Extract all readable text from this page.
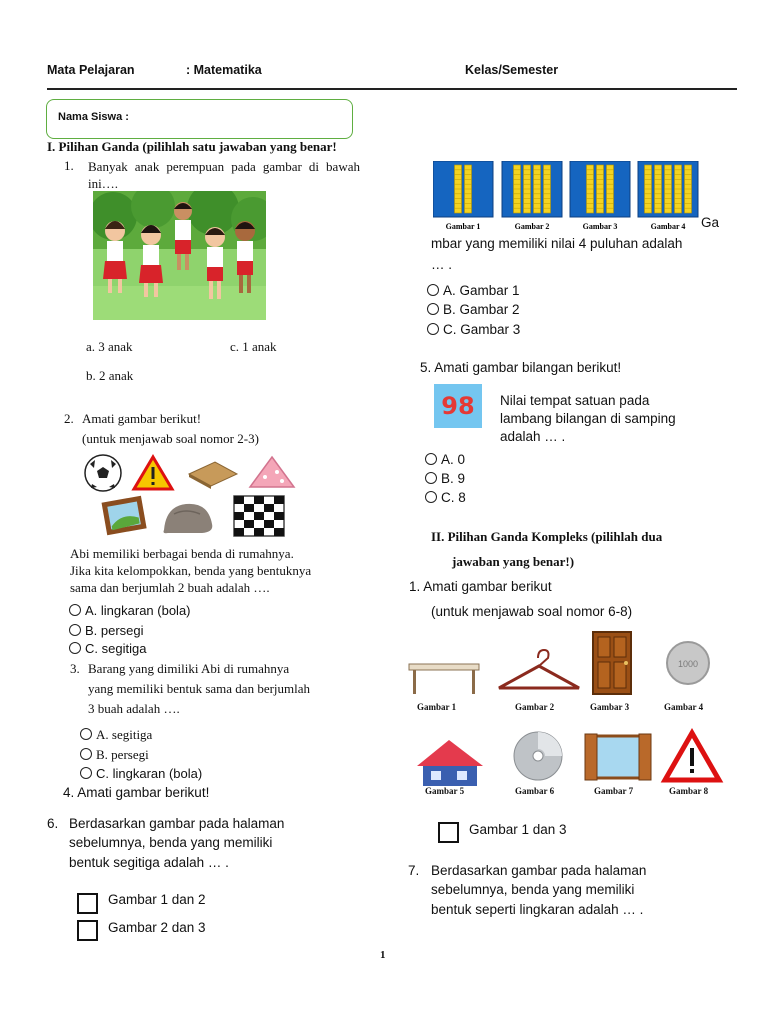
Mata Pelajaran	: Matematika	Kelas/Semester
Nama Siswa :
I. Pilihan Ganda (pilihlah satu jawaban yang benar!
1. Banyak anak perempuan pada gambar di bawah ini….
a. 3 anak	c. 1 anak
b. 2 anak
2. Amati gambar berikut!
(untuk menjawab soal nomor 2-3)
Abi memiliki berbagai benda di rumahnya.
Jika kita kelompokkan, benda yang bentuknya
sama dan berjumlah 2 buah adalah ….
A. lingkaran (bola)
B. persegi
C. segitiga
3. Barang yang dimiliki Abi di rumahnya
yang memiliki bentuk sama dan berjumlah
3 buah adalah ….
A. segitiga
B. persegi
C. lingkaran (bola)
4. Amati gambar berikut!
6. Berdasarkan gambar pada halaman
sebelumnya, benda yang memiliki
bentuk segitiga adalah … .
Gambar 1 dan 2
Gambar 2 dan 3
Gambar 1	Gambar 2	Gambar 3	Gambar 4 Ga
mbar yang memiliki nilai 4 puluhan adalah
… .
A. Gambar 1
B. Gambar 2
C. Gambar 3
5. Amati gambar bilangan berikut!
98	Nilai tempat satuan pada
lambang bilangan di samping
adalah … .
A. 0
B. 9
C. 8
II. Pilihan Ganda Kompleks (pilihlah dua
jawaban yang benar!)
1. Amati gambar berikut
(untuk menjawab soal nomor 6-8)
1000
Gambar 1	Gambar 2	Gambar 3	Gambar 4
Gambar 5	Gambar 6	Gambar 7	Gambar 8
Gambar 1 dan 3
7. Berdasarkan gambar pada halaman
sebelumnya, benda yang memiliki
bentuk seperti lingkaran adalah … .
1
